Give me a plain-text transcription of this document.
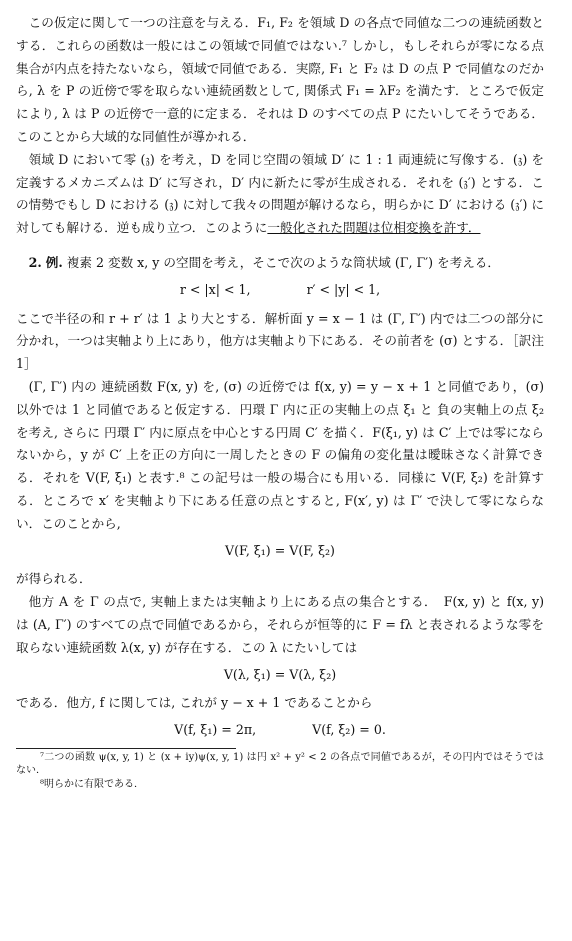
この仮定に関して一つの注意を与える．F₁, F₂ を領域 D の各点で同値な二つの連続函数とする．これらの函数は一般にはこの領域で同値ではない.⁷ しかし，もしそれらが零になる点集合が内点を持たないなら，領域で同値である．実際, F₁ と F₂ は D の点 P で同値なのだから, λ を P の近傍で零を取らない連続函数として, 関係式 F₁ = λF₂ を満たす．ところで仮定により, λ は P の近傍で一意的に定まる．それは D のすべての点 P にたいしてそうである．このことから大域的な同値性が導かれる．

領域 D において零 (𝔷) を考え，D を同じ空間の領域 D′ に 1 : 1 両連続に写像する．(𝔷) を定義するメカニズムは D′ に写され，D′ 内に新たに零が生成される．それを (𝔷′) とする．この情勢でもし D における (𝔷) に対して我々の問題が解けるなら，明らかに D′ における (𝔷′) に対しても解ける．逆も成り立つ．このように一般化された問題は位相変換を許す．

2. 例. 複素 2 変数 x, y の空間を考え，そこで次のような筒状域 (Γ, Γ′) を考える．

r < |x| < 1,	r′ < |y| < 1,

ここで半径の和 r + r′ は 1 より大とする．解析面 y = x − 1 は (Γ, Γ′) 内では二つの部分に分かれ，一つは実軸より上にあり，他方は実軸より下にある．その前者を (σ) とする．［訳注 1］

(Γ, Γ′) 内の 連続函数 F(x, y) を, (σ) の近傍では f(x, y) = y − x + 1 と同値であり，(σ) 以外では 1 と同値であると仮定する．円環 Γ 内に正の実軸上の点 ξ₁ と 負の実軸上の点 ξ₂ を考え, さらに 円環 Γ′ 内に原点を中心とする円周 C′ を描く．F(ξ₁, y) は C′ 上では零にならないから，y が C′ 上を正の方向に一周したときの F の偏角の変化量は曖昧さなく計算できる．それを V(F, ξ₁) と表す.⁸ この記号は一般の場合にも用いる．同様に V(F, ξ₂) を計算する．ところで x′ を実軸より下にある任意の点とすると, F(x′, y) は Γ′ で決して零にならない．このことから,

V(F, ξ₁) = V(F, ξ₂)

が得られる．

他方 A を Γ の点で, 実軸上または実軸より上にある点の集合とする．　F(x, y) と f(x, y) は (A, Γ′) のすべての点で同値であるから，それらが恒等的に F = fλ と表されるような零を取らない連続函数 λ(x, y) が存在する．この λ にたいしては

V(λ, ξ₁) = V(λ, ξ₂)

である．他方, f に関しては, これが y − x + 1 であることから

V(f, ξ₁) = 2π,	V(f, ξ₂) = 0.

⁷二つの函数 ψ(x, y, 1) と (x + iy)ψ(x, y, 1) は円 x² + y² < 2 の各点で同値であるが，その円内ではそうではない．

⁸明らかに有限である．
